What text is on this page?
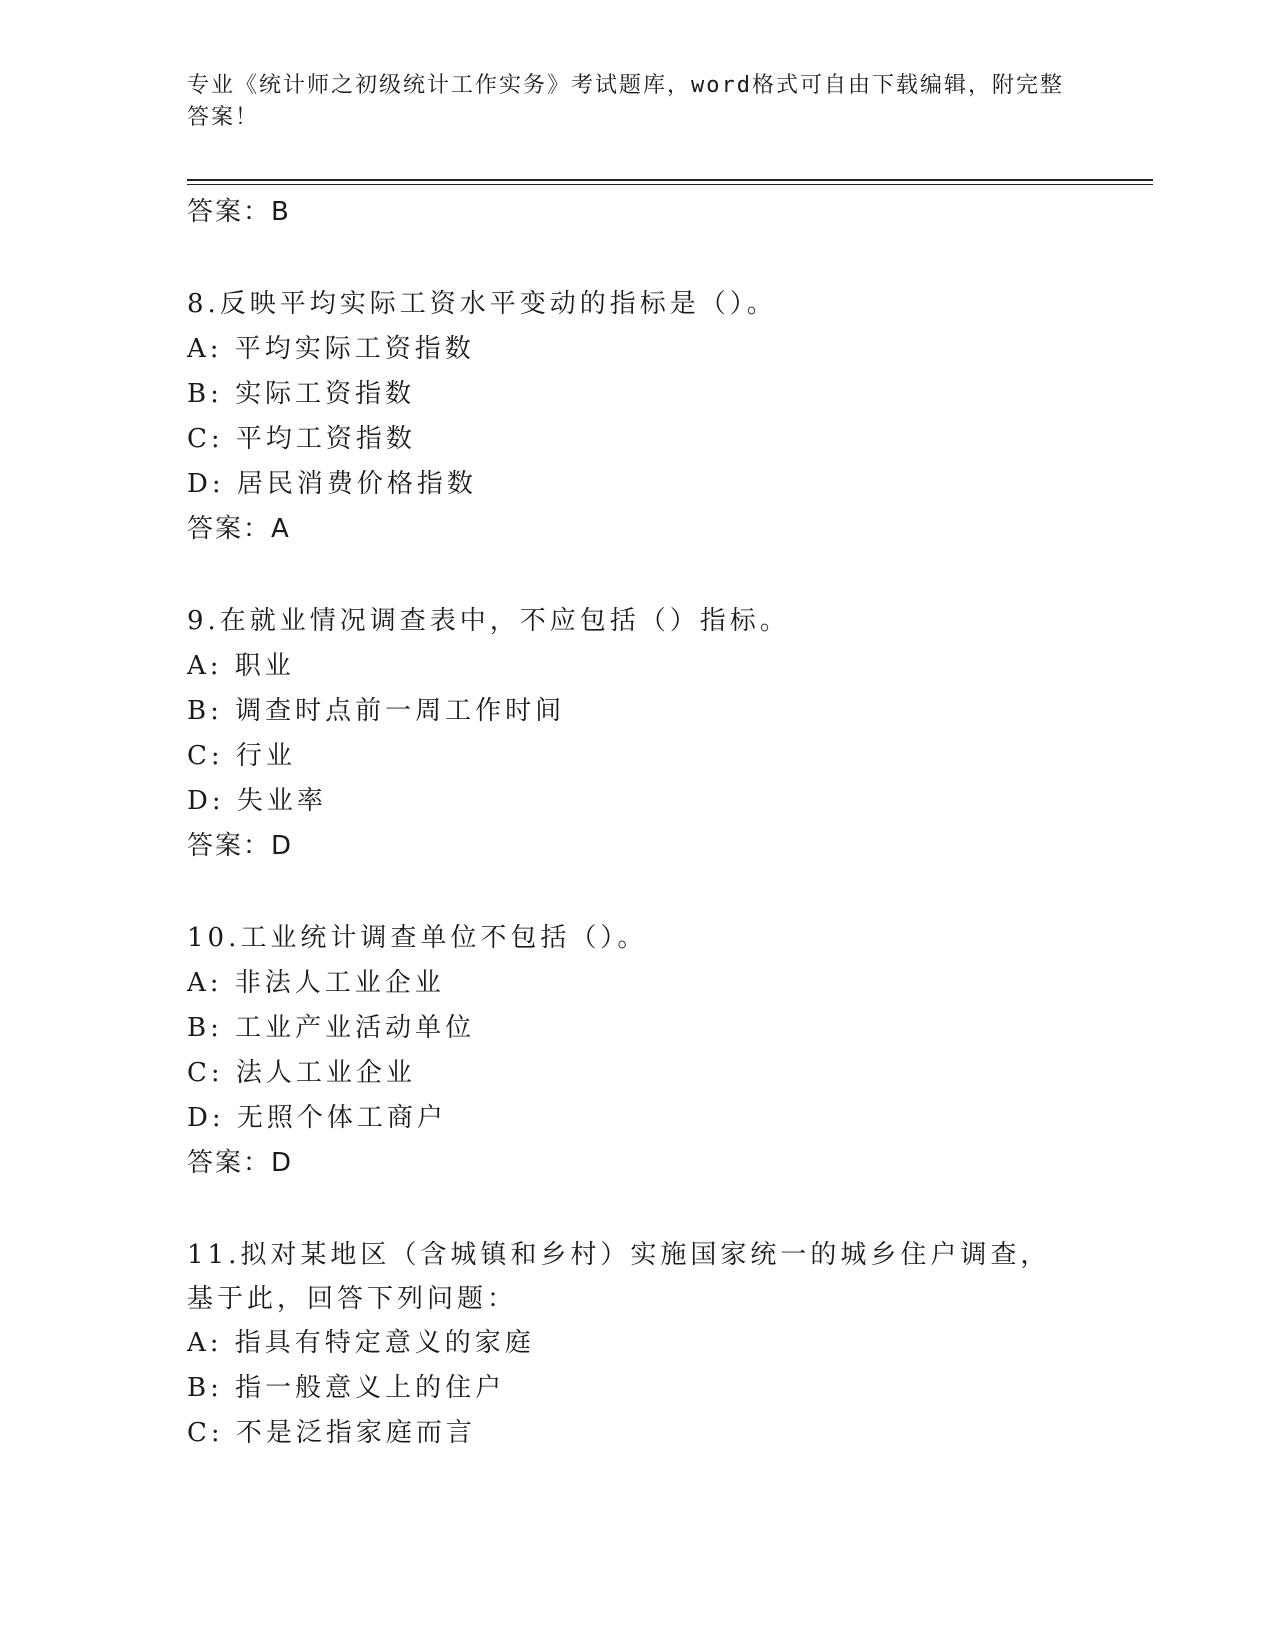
专业《统计师之初级统计工作实务》考试题库，word格式可自由下载编辑，附完整答案！
答案：B
8.反映平均实际工资水平变动的指标是（）。
A: 平均实际工资指数
B: 实际工资指数
C: 平均工资指数
D: 居民消费价格指数
答案：A
9.在就业情况调查表中，不应包括（）指标。
A: 职业
B: 调查时点前一周工作时间
C: 行业
D: 失业率
答案：D
10.工业统计调查单位不包括（）。
A: 非法人工业企业
B: 工业产业活动单位
C: 法人工业企业
D: 无照个体工商户
答案：D
11.拟对某地区（含城镇和乡村）实施国家统一的城乡住户调查，基于此，回答下列问题：
A: 指具有特定意义的家庭
B: 指一般意义上的住户
C: 不是泛指家庭而言
